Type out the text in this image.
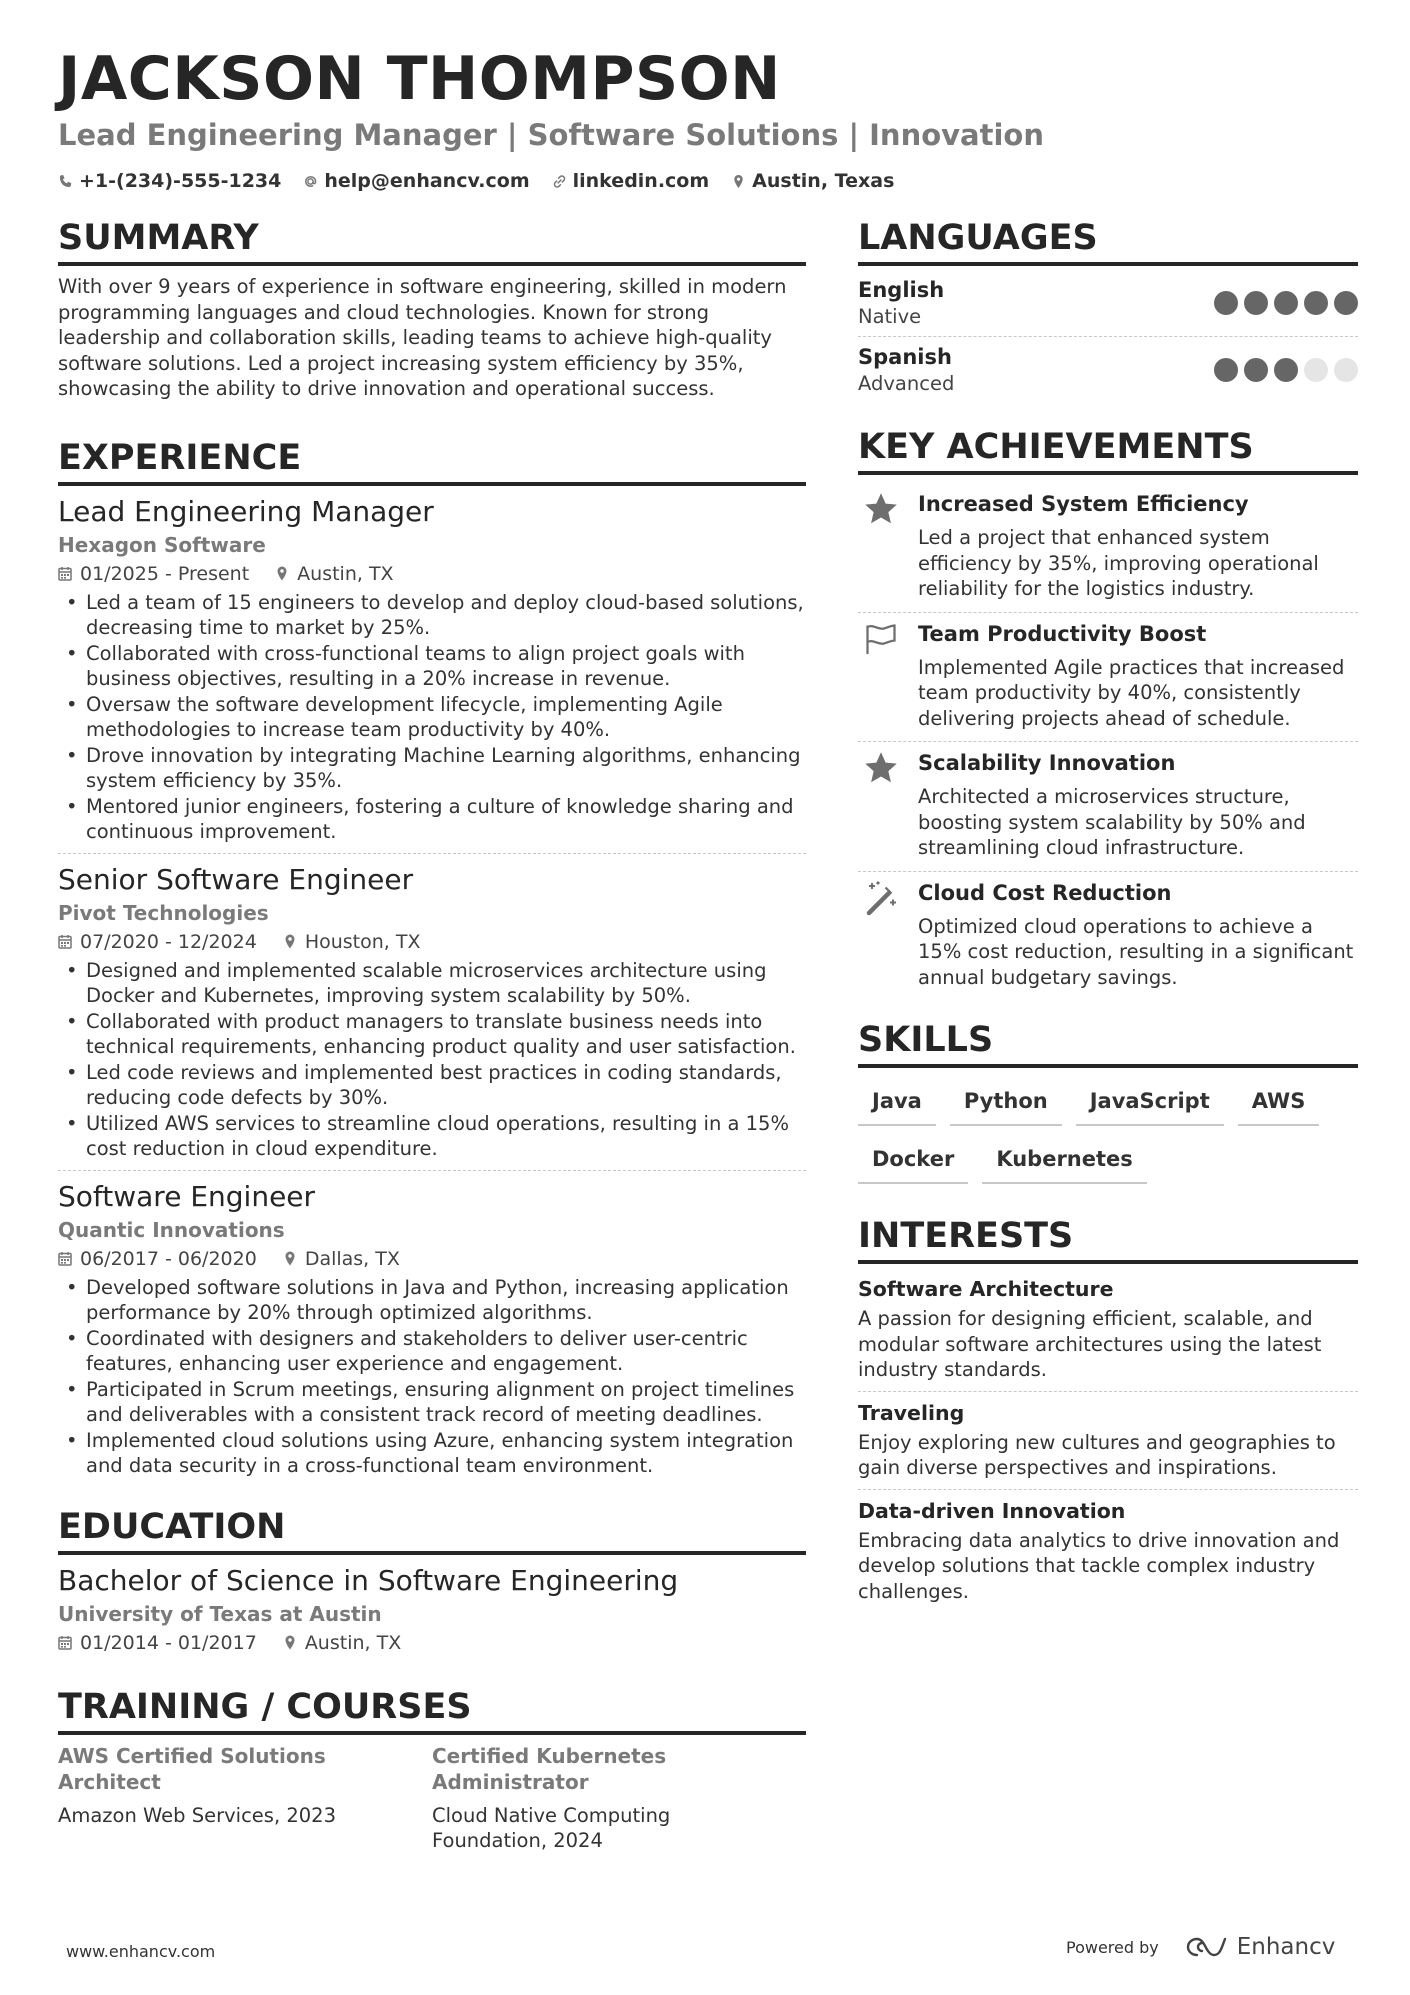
JACKSON THOMPSON
Lead Engineering Manager | Software Solutions | Innovation
+1-(234)-555-1234 help@enhancv.com linkedin.com Austin, Texas
SUMMARY
With over 9 years of experience in software engineering, skilled in modern programming languages and cloud technologies. Known for strong leadership and collaboration skills, leading teams to achieve high-quality software solutions. Led a project increasing system efficiency by 35%, showcasing the ability to drive innovation and operational success.
EXPERIENCE
Lead Engineering Manager
Hexagon Software
01/2025 - Present	Austin, TX
• Led a team of 15 engineers to develop and deploy cloud-based solutions, decreasing time to market by 25%.
• Collaborated with cross-functional teams to align project goals with business objectives, resulting in a 20% increase in revenue.
• Oversaw the software development lifecycle, implementing Agile methodologies to increase team productivity by 40%.
• Drove innovation by integrating Machine Learning algorithms, enhancing system efficiency by 35%.
• Mentored junior engineers, fostering a culture of knowledge sharing and continuous improvement.
Senior Software Engineer
Pivot Technologies
07/2020 - 12/2024	Houston, TX
• Designed and implemented scalable microservices architecture using Docker and Kubernetes, improving system scalability by 50%.
• Collaborated with product managers to translate business needs into technical requirements, enhancing product quality and user satisfaction.
• Led code reviews and implemented best practices in coding standards, reducing code defects by 30%.
• Utilized AWS services to streamline cloud operations, resulting in a 15% cost reduction in cloud expenditure.
Software Engineer
Quantic Innovations
06/2017 - 06/2020	Dallas, TX
• Developed software solutions in Java and Python, increasing application performance by 20% through optimized algorithms.
• Coordinated with designers and stakeholders to deliver user-centric features, enhancing user experience and engagement.
• Participated in Scrum meetings, ensuring alignment on project timelines and deliverables with a consistent track record of meeting deadlines.
• Implemented cloud solutions using Azure, enhancing system integration and data security in a cross-functional team environment.
EDUCATION
Bachelor of Science in Software Engineering
University of Texas at Austin
01/2014 - 01/2017	Austin, TX
TRAINING / COURSES
AWS Certified Solutions Architect
Amazon Web Services, 2023
Certified Kubernetes Administrator
Cloud Native Computing Foundation, 2024
LANGUAGES
English
Native
Spanish
Advanced
KEY ACHIEVEMENTS
Increased System Efficiency
Led a project that enhanced system efficiency by 35%, improving operational reliability for the logistics industry.
Team Productivity Boost
Implemented Agile practices that increased team productivity by 40%, consistently delivering projects ahead of schedule.
Scalability Innovation
Architected a microservices structure, boosting system scalability by 50% and streamlining cloud infrastructure.
Cloud Cost Reduction
Optimized cloud operations to achieve a 15% cost reduction, resulting in a significant annual budgetary savings.
SKILLS
Java	Python	JavaScript	AWS
Docker	Kubernetes
INTERESTS
Software Architecture
A passion for designing efficient, scalable, and modular software architectures using the latest industry standards.
Traveling
Enjoy exploring new cultures and geographies to gain diverse perspectives and inspirations.
Data-driven Innovation
Embracing data analytics to drive innovation and develop solutions that tackle complex industry challenges.
www.enhancv.com	Powered by	Enhancv
